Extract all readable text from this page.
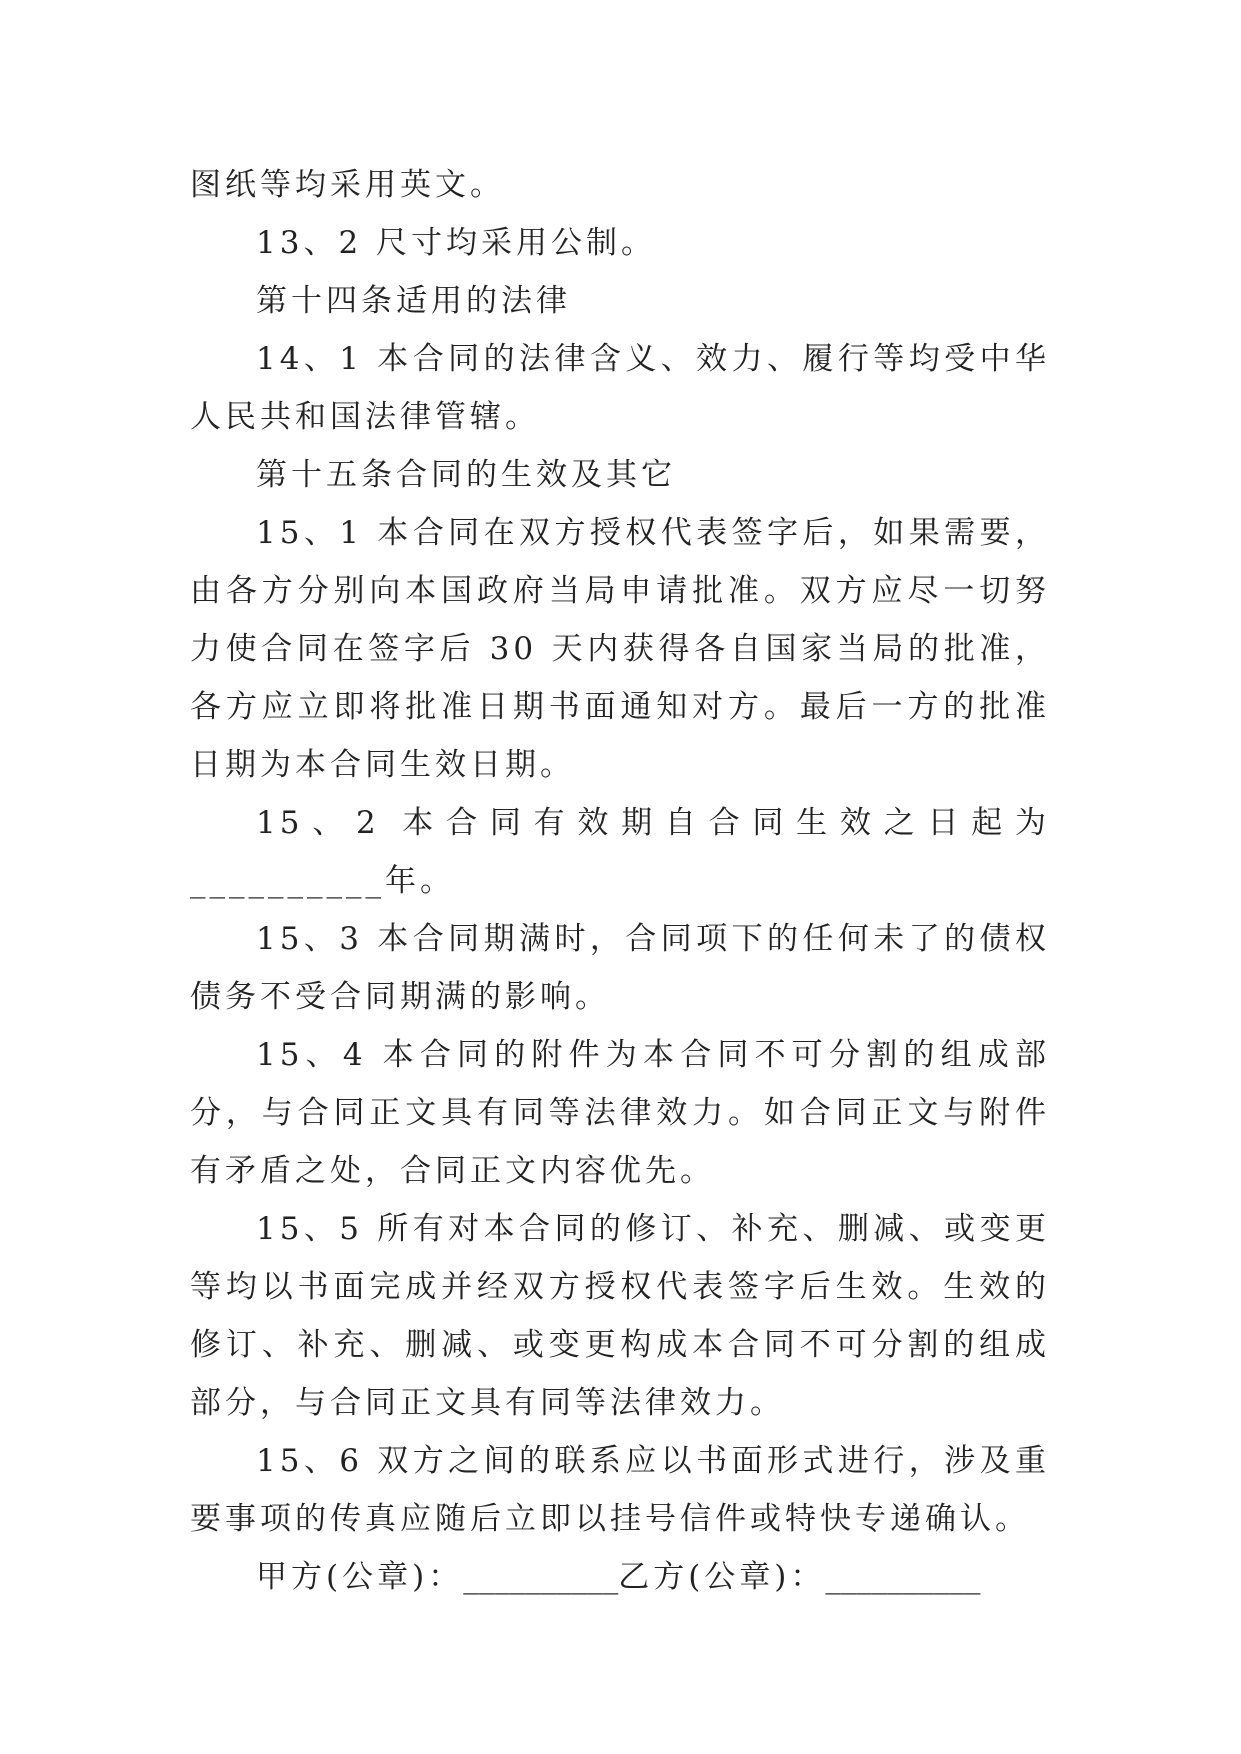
图纸等均采用英文。

13、2 尺寸均采用公制。

第十四条适用的法律

14、1 本合同的法律含义、效力、履行等均受中华人民共和国法律管辖。

第十五条合同的生效及其它

15、1 本合同在双方授权代表签字后，如果需要，由各方分别向本国政府当局申请批准。双方应尽一切努力使合同在签字后 30 天内获得各自国家当局的批准，各方应立即将批准日期书面通知对方。最后一方的批准日期为本合同生效日期。

15、2 本合同有效期自合同生效之日起为__________年。

15、3 本合同期满时，合同项下的任何未了的债权债务不受合同期满的影响。

15、4 本合同的附件为本合同不可分割的组成部分，与合同正文具有同等法律效力。如合同正文与附件有矛盾之处，合同正文内容优先。

15、5 所有对本合同的修订、补充、删减、或变更等均以书面完成并经双方授权代表签字后生效。生效的修订、补充、删减、或变更构成本合同不可分割的组成部分，与合同正文具有同等法律效力。

15、6 双方之间的联系应以书面形式进行，涉及重要事项的传真应随后立即以挂号信件或特快专递确认。

甲方(公章)：__________乙方(公章)：__________
